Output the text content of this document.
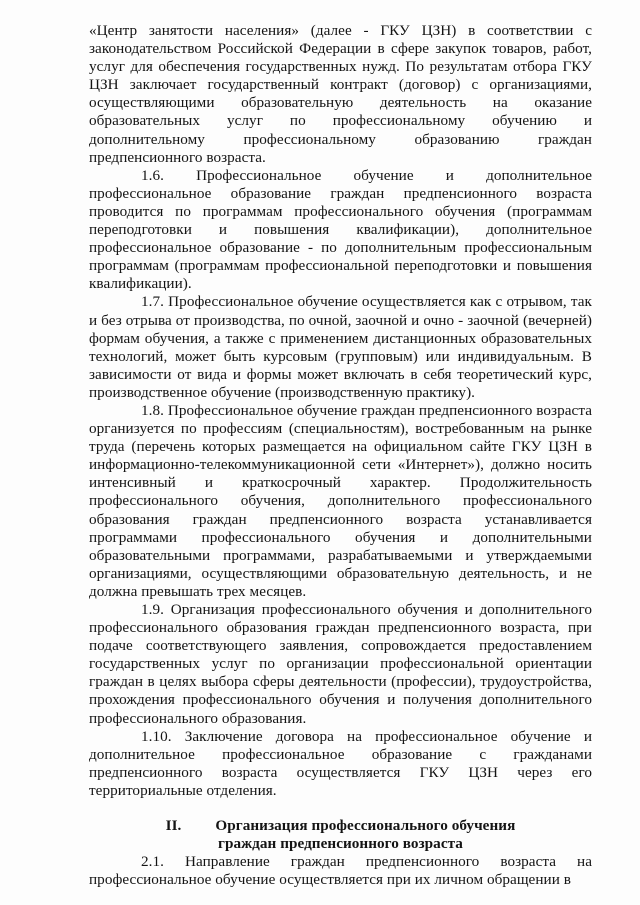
«Центр занятости населения» (далее - ГКУ ЦЗН) в соответствии с законодательством Российской Федерации в сфере закупок товаров, работ, услуг для обеспечения государственных нужд. По результатам отбора ГКУ ЦЗН заключает государственный контракт (договор) с организациями, осуществляющими образовательную деятельность на оказание образовательных услуг по профессиональному обучению и дополнительному профессиональному образованию граждан предпенсионного возраста.

1.6. Профессиональное обучение и дополнительное профессиональное образование граждан предпенсионного возраста проводится по программам профессионального обучения (программам переподготовки и повышения квалификации), дополнительное профессиональное образование - по дополнительным профессиональным программам (программам профессиональной переподготовки и повышения квалификации).

1.7. Профессиональное обучение осуществляется как с отрывом, так и без отрыва от производства, по очной, заочной и очно - заочной (вечерней) формам обучения, а также с применением дистанционных образовательных технологий, может быть курсовым (групповым) или индивидуальным. В зависимости от вида и формы может включать в себя теоретический курс, производственное обучение (производственную практику).

1.8. Профессиональное обучение граждан предпенсионного возраста организуется по профессиям (специальностям), востребованным на рынке труда (перечень которых размещается на официальном сайте ГКУ ЦЗН в информационно-телекоммуникационной сети «Интернет»), должно носить интенсивный и краткосрочный характер. Продолжительность профессионального обучения, дополнительного профессионального образования граждан предпенсионного возраста устанавливается программами профессионального обучения и дополнительными образовательными программами, разрабатываемыми и утверждаемыми организациями, осуществляющими образовательную деятельность, и не должна превышать трех месяцев.

1.9. Организация профессионального обучения и дополнительного профессионального образования граждан предпенсионного возраста, при подаче соответствующего заявления, сопровождается предоставлением государственных услуг по организации профессиональной ориентации граждан в целях выбора сферы деятельности (профессии), трудоустройства, прохождения профессионального обучения и получения дополнительного профессионального образования.

1.10. Заключение договора на профессиональное обучение и дополнительное профессиональное образование с гражданами предпенсионного возраста осуществляется ГКУ ЦЗН через его территориальные отделения.

II. Организация профессионального обучения
граждан предпенсионного возраста

2.1. Направление граждан предпенсионного возраста на профессиональное обучение осуществляется при их личном обращении в
